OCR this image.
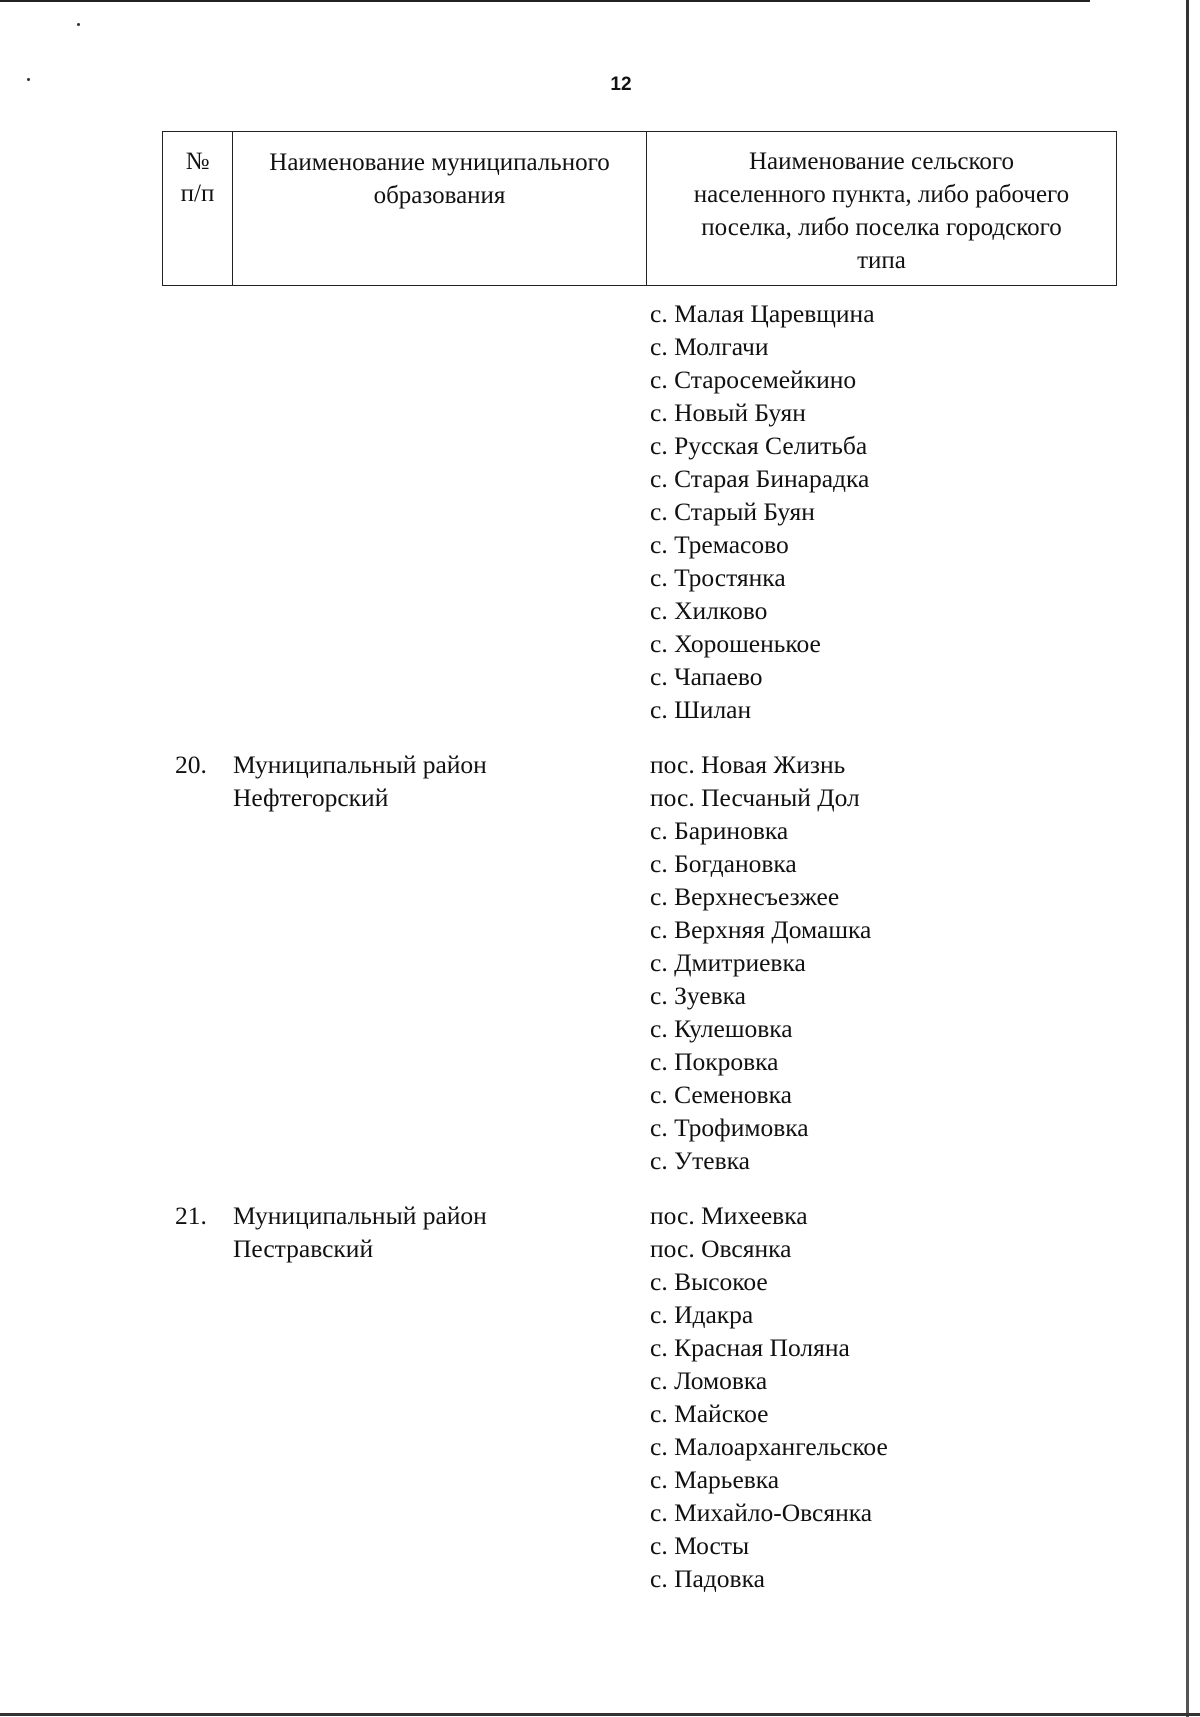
12
№
п/п
Наименование муниципального
образования
Наименование сельского
населенного пункта, либо рабочего
поселка, либо поселка городского
типа
с. Малая Царевщина
с. Молгачи
с. Старосемейкино
с. Новый Буян
с. Русская Селитьба
с. Старая Бинарадка
с. Старый Буян
с. Тремасово
с. Тростянка
с. Хилково
с. Хорошенькое
с. Чапаево
с. Шилан
20.	Муниципальный район
Нефтегорский
пос. Новая Жизнь
пос. Песчаный Дол
с. Бариновка
с. Богдановка
с. Верхнесъезжее
с. Верхняя Домашка
с. Дмитриевка
с. Зуевка
с. Кулешовка
с. Покровка
с. Семеновка
с. Трофимовка
с. Утевка
21.	Муниципальный район
Пестравский
пос. Михеевка
пос. Овсянка
с. Высокое
с. Идакра
с. Красная Поляна
с. Ломовка
с. Майское
с. Малоархангельское
с. Марьевка
с. Михайло-Овсянка
с. Мосты
с. Падовка
